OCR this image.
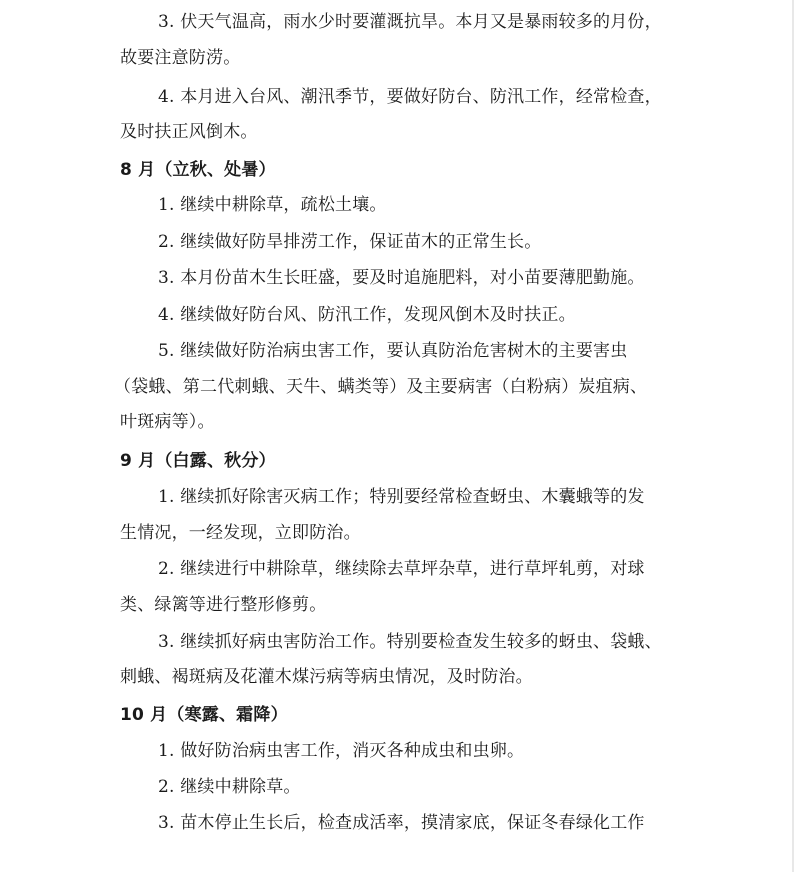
3. 伏天气温高，雨水少时要灌溉抗旱。本月又是暴雨较多的月份，
故要注意防涝。
4. 本月进入台风、潮汛季节，要做好防台、防汛工作，经常检查，
及时扶正风倒木。
8 月（立秋、处暑）
1. 继续中耕除草，疏松土壤。
2. 继续做好防旱排涝工作，保证苗木的正常生长。
3. 本月份苗木生长旺盛，要及时追施肥料，对小苗要薄肥勤施。
4. 继续做好防台风、防汛工作，发现风倒木及时扶正。
5. 继续做好防治病虫害工作，要认真防治危害树木的主要害虫
（袋蛾、第二代刺蛾、天牛、螨类等）及主要病害（白粉病）炭疽病、
叶斑病等）。
9 月（白露、秋分）
1. 继续抓好除害灭病工作；特别要经常检查蚜虫、木囊蛾等的发
生情况，一经发现，立即防治。
2. 继续进行中耕除草，继续除去草坪杂草，进行草坪轧剪，对球
类、绿篱等进行整形修剪。
3. 继续抓好病虫害防治工作。特别要检查发生较多的蚜虫、袋蛾、
刺蛾、褐斑病及花灌木煤污病等病虫情况，及时防治。
10 月（寒露、霜降）
1. 做好防治病虫害工作，消灭各种成虫和虫卵。
2. 继续中耕除草。
3. 苗木停止生长后，检查成活率，摸清家底，保证冬春绿化工作
